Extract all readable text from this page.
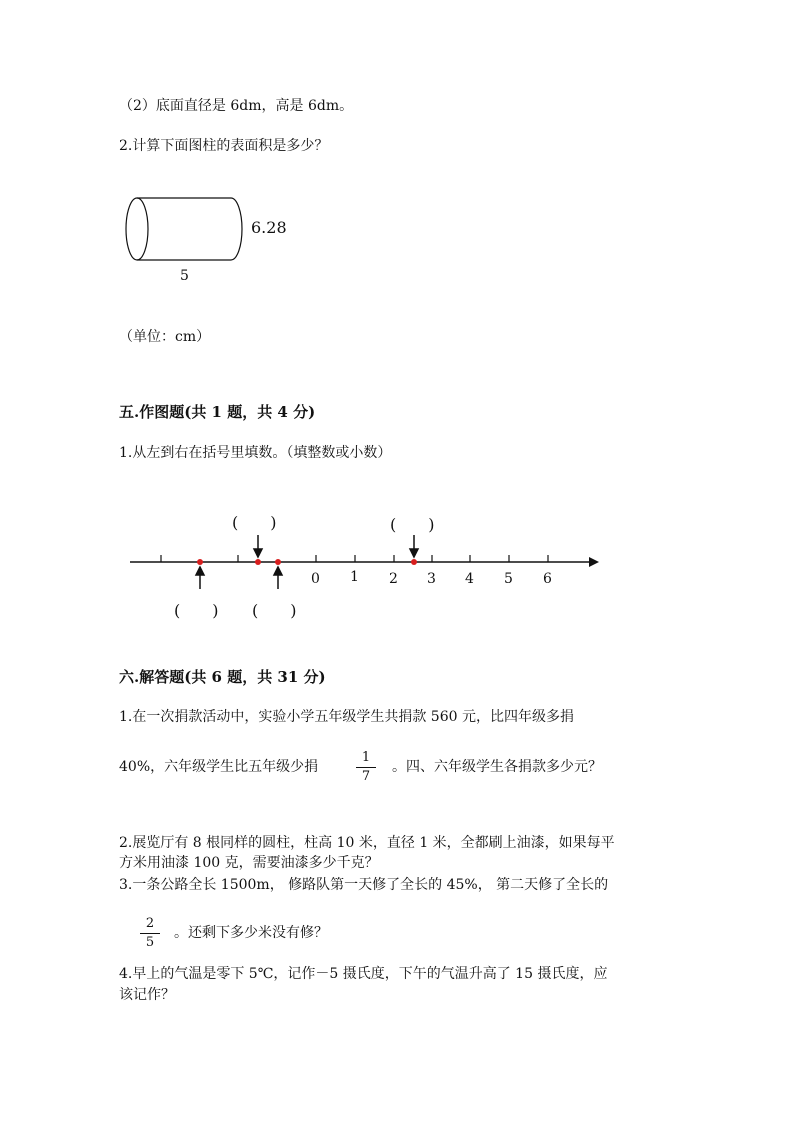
（2）底面直径是 6dm，高是 6dm。
2.计算下面图柱的表面积是多少？
6.28
5
（单位：cm）
五.作图题(共 1 题，共 4 分)
1.从左到右在括号里填数。（填整数或小数）
0 1 2 3 4 5 6
(　　)	(　　)
(　　) (　　)
六.解答题(共 6 题，共 31 分)
1.在一次捐款活动中，实验小学五年级学生共捐款 560 元，比四年级多捐
40%，六年级学生比五年级少捐
1
7
。四、六年级学生各捐款多少元？
2.展览厅有 8 根同样的圆柱，柱高 10 米，直径 1 米，全都刷上油漆，如果每平
方米用油漆 100 克，需要油漆多少千克？
3.一条公路全长 1500m， 修路队第一天修了全长的 45%， 第二天修了全长的
2
5
。还剩下多少米没有修？
4.早上的气温是零下 5℃，记作－5 摄氏度，下午的气温升高了 15 摄氏度，应
该记作？
